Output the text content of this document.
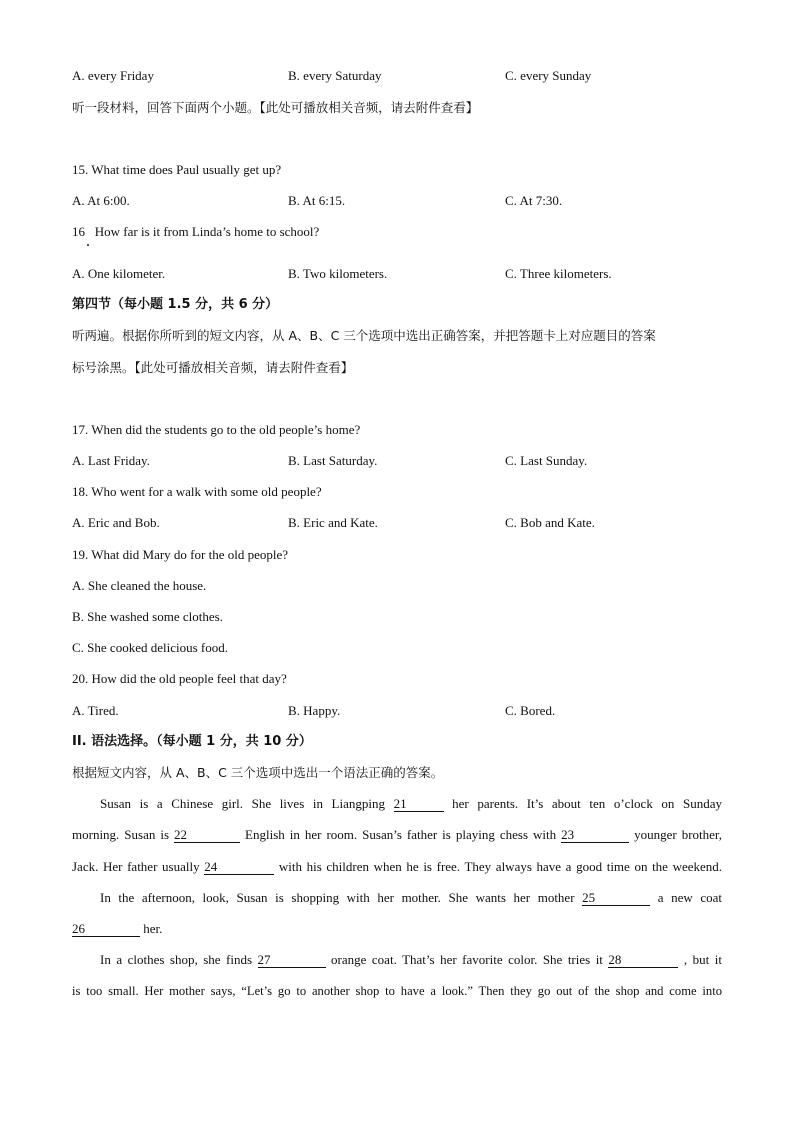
A. every Friday	B. every Saturday	C. every Sunday
听一段材料，回答下面两个小题。【此处可播放相关音频，请去附件查看】
15. What time does Paul usually get up?
A. At 6:00.	B. At 6:15.	C. At 7:30.
16   How far is it from Linda’s home to school?
A. One kilometer.	B. Two kilometers.	C. Three kilometers.
第四节（每小题 1.5 分，共 6 分）
听两遍。根据你所听到的短文内容，从 A、B、C 三个选项中选出正确答案，并把答题卡上对应题目的答案
标号涂黑。【此处可播放相关音频，请去附件查看】
17. When did the students go to the old people’s home?
A. Last Friday.	B. Last Saturday.	C. Last Sunday.
18. Who went for a walk with some old people?
A. Eric and Bob.	B. Eric and Kate.	C. Bob and Kate.
19. What did Mary do for the old people?
A. She cleaned the house.
B. She washed some clothes.
C. She cooked delicious food.
20. How did the old people feel that day?
A. Tired.	B. Happy.	C. Bored.
II. 语法选择。（每小题 1 分，共 10 分）
根据短文内容，从 A、B、C 三个选项中选出一个语法正确的答案。
Susan is a Chinese girl. She lives in Liangping 21	her parents. It’s about ten o’clock on Sunday
morning. Susan is 22	English in her room. Susan’s father is playing chess with 23	younger brother,
Jack. Her father usually 24	with his children when he is free. They always have a good time on the weekend.
In the afternoon, look, Susan is shopping with her mother. She wants her mother 25	a new coat
26	her.
In a clothes shop, she finds 27	orange coat. That’s her favorite color. She tries it 28	, but it
is too small. Her mother says, “Let’s go to another shop to have a look.” Then they go out of the shop and come into
